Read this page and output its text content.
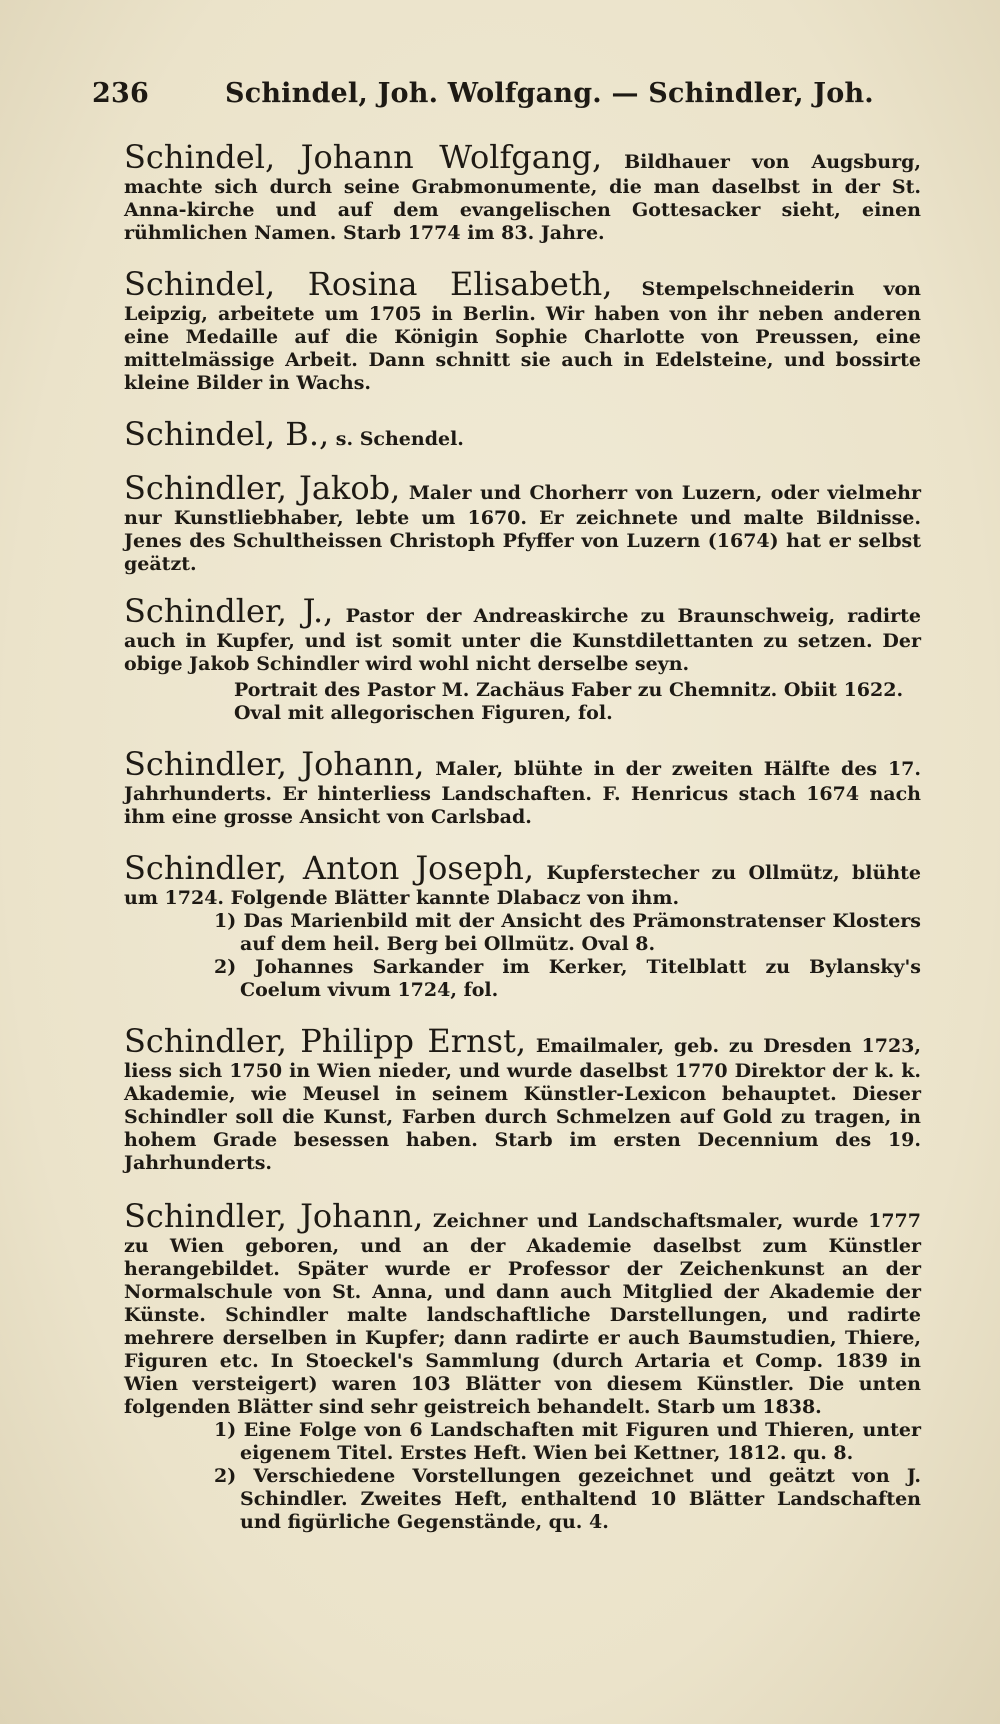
236	Schindel, Joh. Wolfgang. — Schindler, Joh.

Schindel, Johann Wolfgang, Bildhauer von Augsburg, machte sich durch seine Grabmonumente, die man daselbst in der St. Anna-kirche und auf dem evangelischen Gottesacker sieht, einen rühmlichen Namen. Starb 1774 im 83. Jahre.

Schindel, Rosina Elisabeth, Stempelschneiderin von Leipzig, arbeitete um 1705 in Berlin. Wir haben von ihr neben anderen eine Medaille auf die Königin Sophie Charlotte von Preussen, eine mittelmässige Arbeit. Dann schnitt sie auch in Edelsteine, und bossirte kleine Bilder in Wachs.

Schindel, B., s. Schendel.

Schindler, Jakob, Maler und Chorherr von Luzern, oder vielmehr nur Kunstliebhaber, lebte um 1670. Er zeichnete und malte Bildnisse. Jenes des Schultheissen Christoph Pfyffer von Luzern (1674) hat er selbst geätzt.

Schindler, J., Pastor der Andreaskirche zu Braunschweig, radirte auch in Kupfer, und ist somit unter die Kunstdilettanten zu setzen. Der obige Jakob Schindler wird wohl nicht derselbe seyn.

Portrait des Pastor M. Zachäus Faber zu Chemnitz. Obiit 1622. Oval mit allegorischen Figuren, fol.

Schindler, Johann, Maler, blühte in der zweiten Hälfte des 17. Jahrhunderts. Er hinterliess Landschaften. F. Henricus stach 1674 nach ihm eine grosse Ansicht von Carlsbad.

Schindler, Anton Joseph, Kupferstecher zu Ollmütz, blühte um 1724. Folgende Blätter kannte Dlabacz von ihm.

1) Das Marienbild mit der Ansicht des Prämonstratenser Klosters auf dem heil. Berg bei Ollmütz. Oval 8.
2) Johannes Sarkander im Kerker, Titelblatt zu Bylansky's Coelum vivum 1724, fol.

Schindler, Philipp Ernst, Emailmaler, geb. zu Dresden 1723, liess sich 1750 in Wien nieder, und wurde daselbst 1770 Direktor der k. k. Akademie, wie Meusel in seinem Künstler-Lexicon behauptet. Dieser Schindler soll die Kunst, Farben durch Schmelzen auf Gold zu tragen, in hohem Grade besessen haben. Starb im ersten Decennium des 19. Jahrhunderts.

Schindler, Johann, Zeichner und Landschaftsmaler, wurde 1777 zu Wien geboren, und an der Akademie daselbst zum Künstler herangebildet. Später wurde er Professor der Zeichenkunst an der Normalschule von St. Anna, und dann auch Mitglied der Akademie der Künste. Schindler malte landschaftliche Darstellungen, und radirte mehrere derselben in Kupfer; dann radirte er auch Baumstudien, Thiere, Figuren etc. In Stoeckel's Sammlung (durch Artaria et Comp. 1839 in Wien versteigert) waren 103 Blätter von diesem Künstler. Die unten folgenden Blätter sind sehr geistreich behandelt. Starb um 1838.

1) Eine Folge von 6 Landschaften mit Figuren und Thieren, unter eigenem Titel. Erstes Heft. Wien bei Kettner, 1812. qu. 8.
2) Verschiedene Vorstellungen gezeichnet und geätzt von J. Schindler. Zweites Heft, enthaltend 10 Blätter Landschaften und figürliche Gegenstände, qu. 4.
